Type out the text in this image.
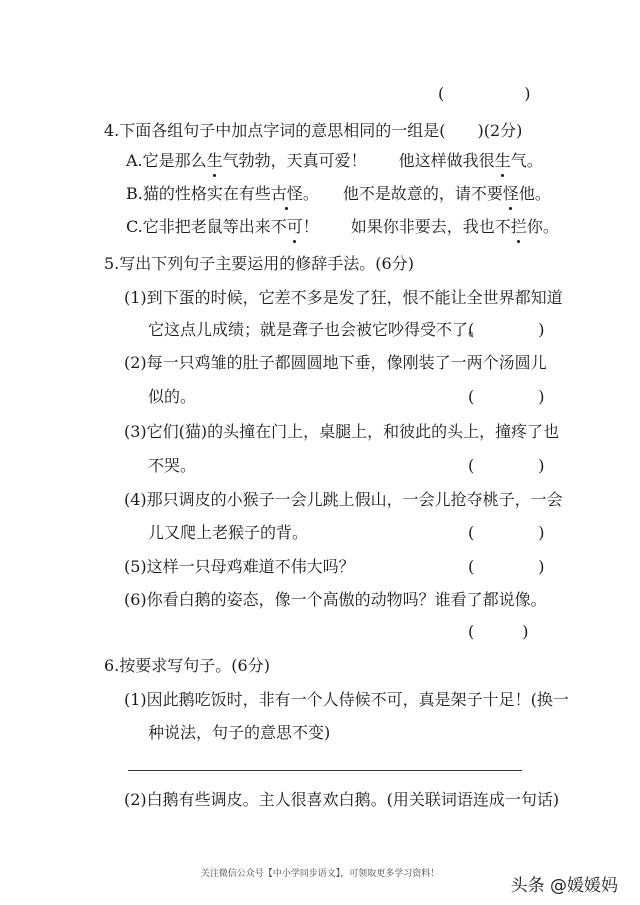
(　　　　　)
4.下面各组句子中加点字词的意思相同的一组是(　　)(2分)
A.它是那么生气勃勃，天真可爱！　　他这样做我很生气。
B.猫的性格实在有些古怪。　　他不是故意的，请不要怪他。
C.它非把老鼠等出来不可！　　如果你非要去，我也不拦你。
5.写出下列句子主要运用的修辞手法。(6分)
(1)到下蛋的时候，它差不多是发了狂，恨不能让全世界都知道
它这点儿成绩；就是聋子也会被它吵得受不了。
(　　　　)
(2)每一只鸡雏的肚子都圆圆地下垂，像刚装了一两个汤圆儿
似的。	(　　　　)
(3)它们(猫)的头撞在门上，桌腿上，和彼此的头上，撞疼了也
不哭。	(　　　　)
(4)那只调皮的小猴子一会儿跳上假山，一会儿抢夺桃子，一会
儿又爬上老猴子的背。	(　　　　)
(5)这样一只母鸡难道不伟大吗？	(　　　　)
(6)你看白鹅的姿态，像一个高傲的动物吗？谁看了都说像。
(　　　)
6.按要求写句子。(6分)
(1)因此鹅吃饭时，非有一个人侍候不可，真是架子十足！(换一
种说法，句子的意思不变)
(2)白鹅有些调皮。主人很喜欢白鹅。(用关联词语连成一句话)
关注微信公众号【中小学同步语文】，可领取更多学习资料！
头条 @媛媛妈
